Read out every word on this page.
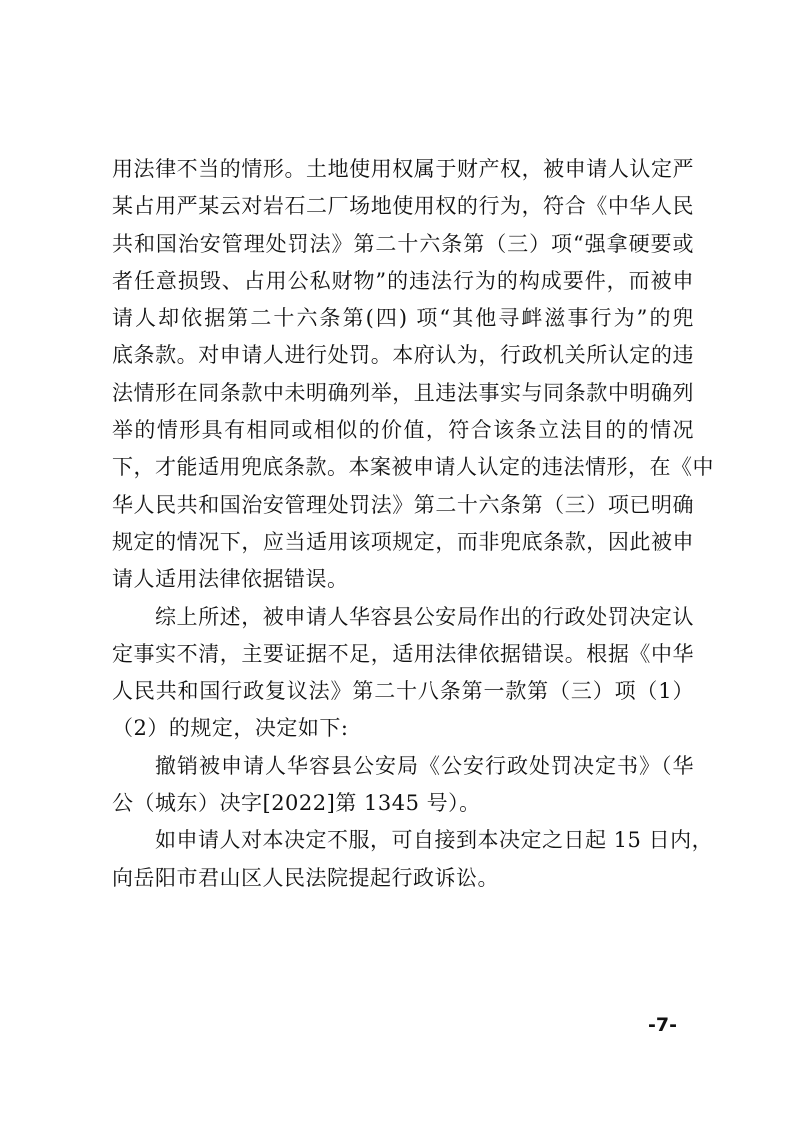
用法律不当的情形。土地使用权属于财产权，被申请人认定严
某占用严某云对岩石二厂场地使用权的行为，符合《中华人民
共和国治安管理处罚法》第二十六条第（三）项“强拿硬要或
者任意损毁、占用公私财物”的违法行为的构成要件，而被申
请人却依据第二十六条第(四) 项“其他寻衅滋事行为”的兜
底条款。对申请人进行处罚。本府认为，行政机关所认定的违
法情形在同条款中未明确列举，且违法事实与同条款中明确列
举的情形具有相同或相似的价值，符合该条立法目的的情况
下，才能适用兜底条款。本案被申请人认定的违法情形，在《中
华人民共和国治安管理处罚法》第二十六条第（三）项已明确
规定的情况下，应当适用该项规定，而非兜底条款，因此被申
请人适用法律依据错误。
综上所述，被申请人华容县公安局作出的行政处罚决定认
定事实不清，主要证据不足，适用法律依据错误。根据《中华
人民共和国行政复议法》第二十八条第一款第（三）项（1）
（2）的规定，决定如下:
撤销被申请人华容县公安局《公安行政处罚决定书》（华
公（城东）决字[2022]第 1345 号）。
如申请人对本决定不服，可自接到本决定之日起 15 日内，
向岳阳市君山区人民法院提起行政诉讼。
-7-
